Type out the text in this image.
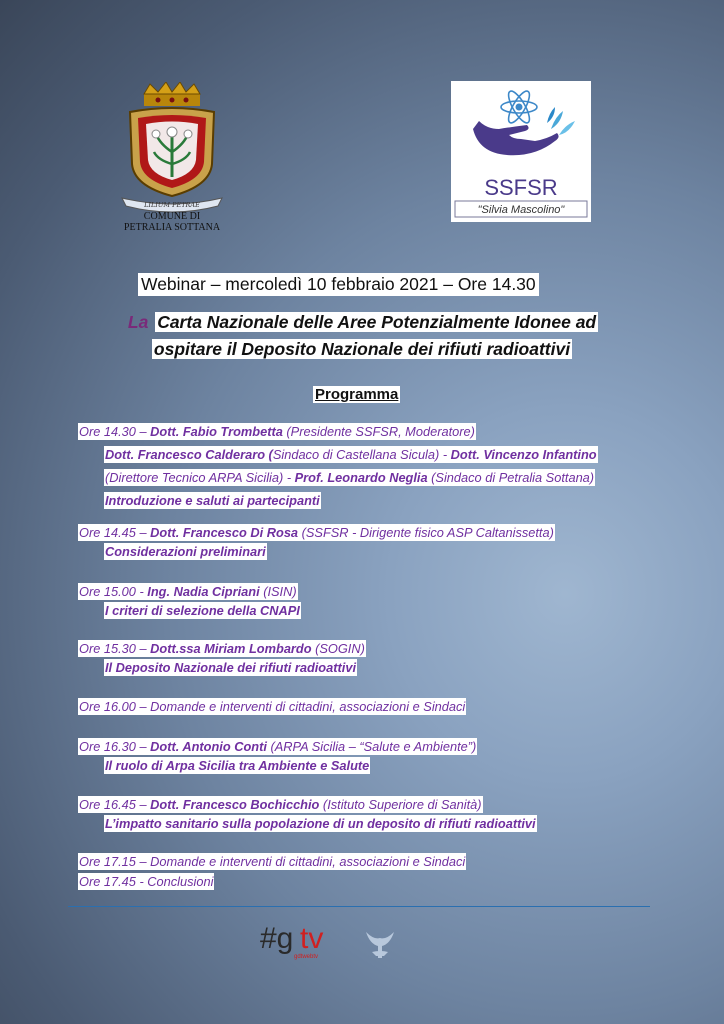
LILIUM PETRAE
COMUNE DI
PETRALIA SOTTANA
SSFSR
"Silvia Mascolino"
Webinar – mercoledì 10 febbraio 2021 – Ore 14.30
La Carta Nazionale delle Aree Potenzialmente Idonee ad
ospitare il Deposito Nazionale dei rifiuti radioattivi
Programma
Ore 14.30 – Dott. Fabio Trombetta (Presidente SSFSR, Moderatore)
Dott. Francesco Calderaro (Sindaco di Castellana Sicula) - Dott. Vincenzo Infantino
(Direttore Tecnico ARPA Sicilia) - Prof. Leonardo Neglia (Sindaco di Petralia Sottana)
Introduzione e saluti ai partecipanti
Ore 14.45 – Dott. Francesco Di Rosa (SSFSR - Dirigente fisico ASP Caltanissetta)
Considerazioni preliminari
Ore 15.00 - Ing. Nadia Cipriani (ISIN)
I criteri di selezione della CNAPI
Ore 15.30 – Dott.ssa Miriam Lombardo (SOGIN)
Il Deposito Nazionale dei rifiuti radioattivi
Ore 16.00 – Domande e interventi di cittadini, associazioni e Sindaci
Ore 16.30 – Dott. Antonio Conti (ARPA Sicilia – “Salute e Ambiente”)
Il ruolo di Arpa Sicilia tra Ambiente e Salute
Ore 16.45 – Dott. Francesco Bochicchio (Istituto Superiore di Sanità)
L’impatto sanitario sulla popolazione di un deposito di rifiuti radioattivi
Ore 17.15 – Domande e interventi di cittadini, associazioni e Sindaci
Ore 17.45 - Conclusioni
#g tv
gdtwebtv
